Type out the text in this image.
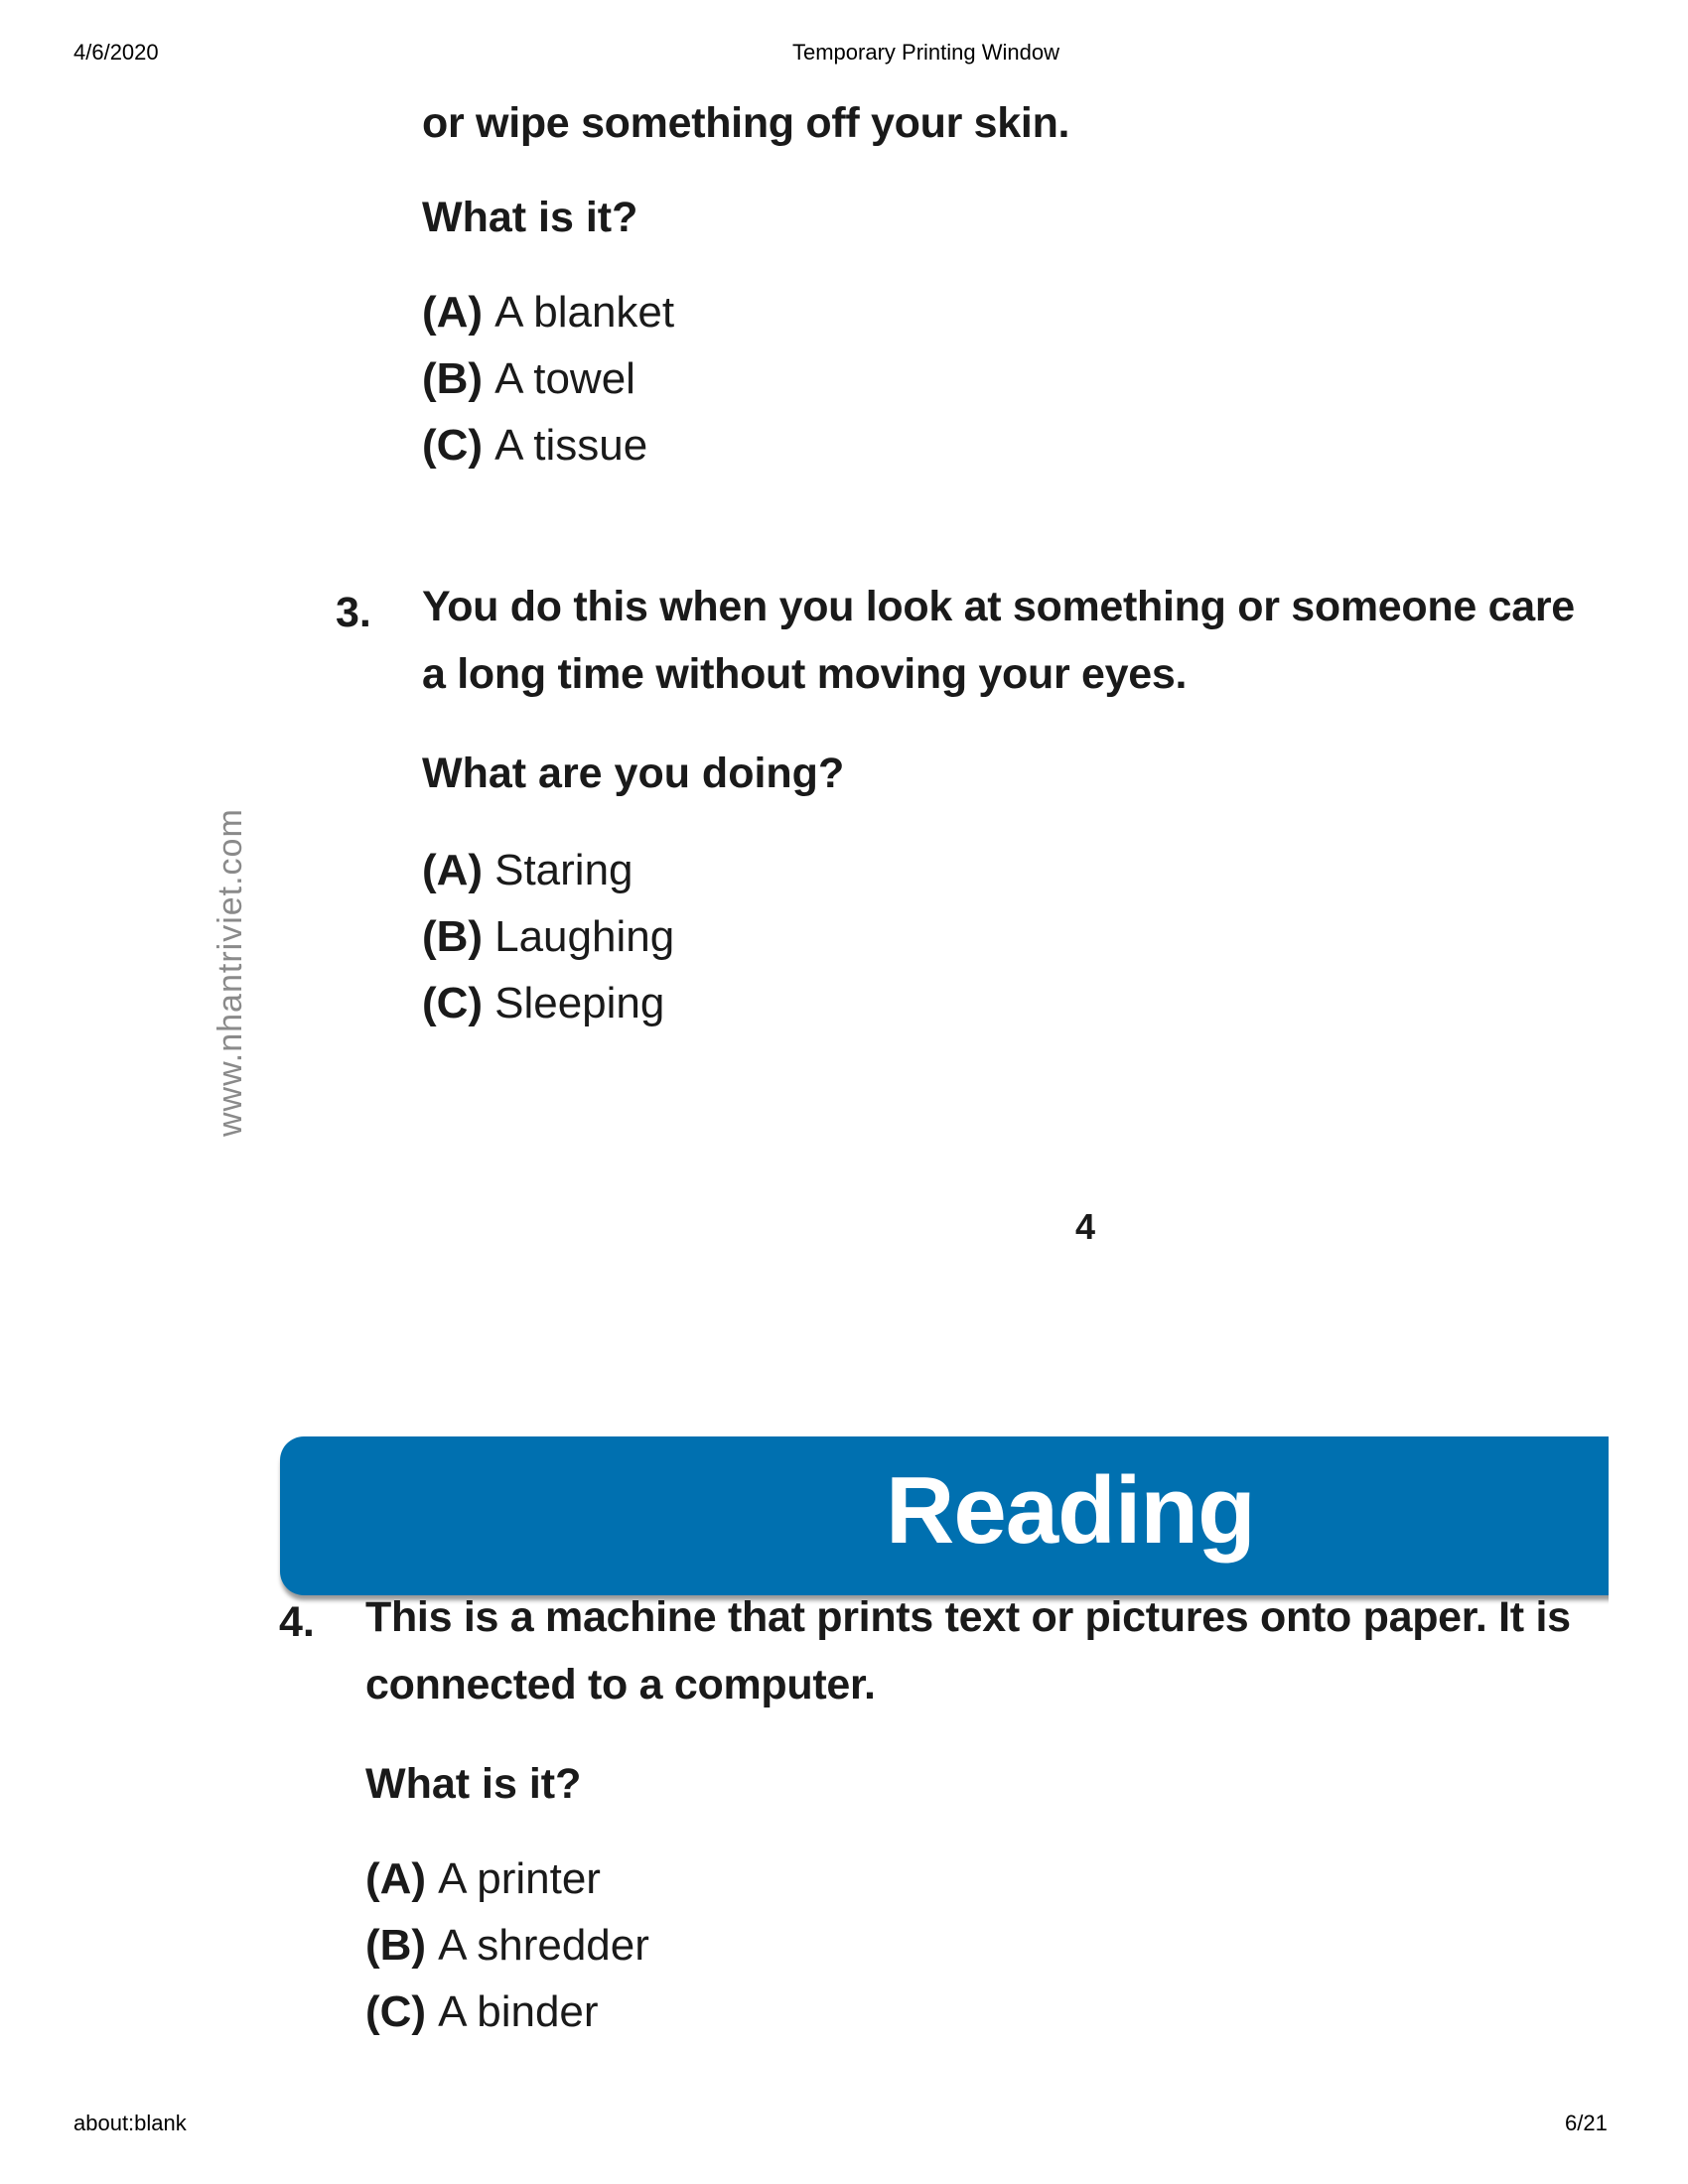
4/6/2020	Temporary Printing Window
or wipe something off your skin.
What is it?
(A) A blanket
(B) A towel
(C) A tissue
3. You do this when you look at something or someone care
a long time without moving your eyes.
What are you doing?
(A) Staring
(B) Laughing
(C) Sleeping
www.nhantriviet.com
4
Reading
4. This is a machine that prints text or pictures onto paper. It is
connected to a computer.
What is it?
(A) A printer
(B) A shredder
(C) A binder
about:blank	6/21
